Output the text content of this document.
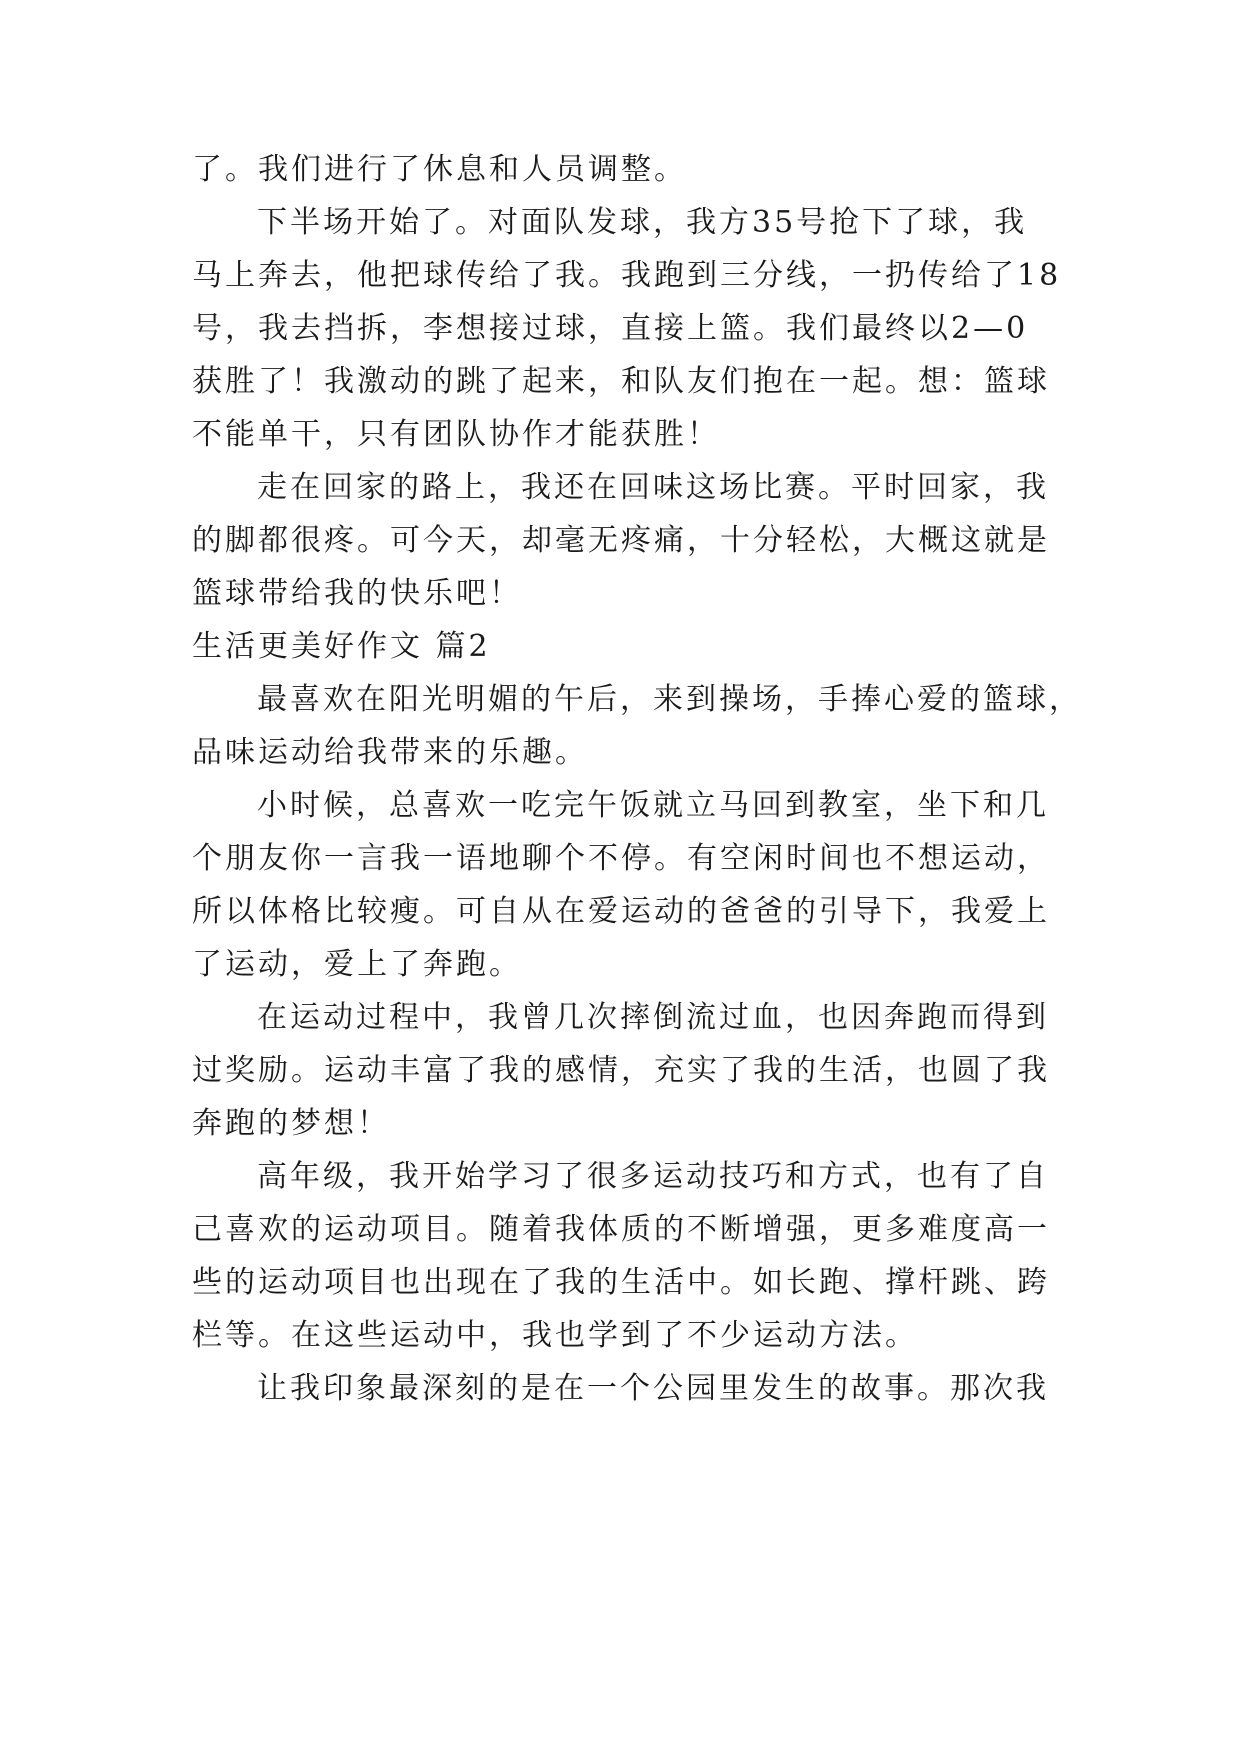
了。我们进行了休息和人员调整。
下半场开始了。对面队发球，我方35号抢下了球，我
马上奔去，他把球传给了我。我跑到三分线，一扔传给了18
号，我去挡拆，李想接过球，直接上篮。我们最终以2—0
获胜了！我激动的跳了起来，和队友们抱在一起。想：篮球
不能单干，只有团队协作才能获胜！
走在回家的路上，我还在回味这场比赛。平时回家，我
的脚都很疼。可今天，却毫无疼痛，十分轻松，大概这就是
篮球带给我的快乐吧！
生活更美好作文 篇2
最喜欢在阳光明媚的午后，来到操场，手捧心爱的篮球，
品味运动给我带来的乐趣。
小时候，总喜欢一吃完午饭就立马回到教室，坐下和几
个朋友你一言我一语地聊个不停。有空闲时间也不想运动，
所以体格比较瘦。可自从在爱运动的爸爸的引导下，我爱上
了运动，爱上了奔跑。
在运动过程中，我曾几次摔倒流过血，也因奔跑而得到
过奖励。运动丰富了我的感情，充实了我的生活，也圆了我
奔跑的梦想！
高年级，我开始学习了很多运动技巧和方式，也有了自
己喜欢的运动项目。随着我体质的不断增强，更多难度高一
些的运动项目也出现在了我的生活中。如长跑、撑杆跳、跨
栏等。在这些运动中，我也学到了不少运动方法。
让我印象最深刻的是在一个公园里发生的故事。那次我
